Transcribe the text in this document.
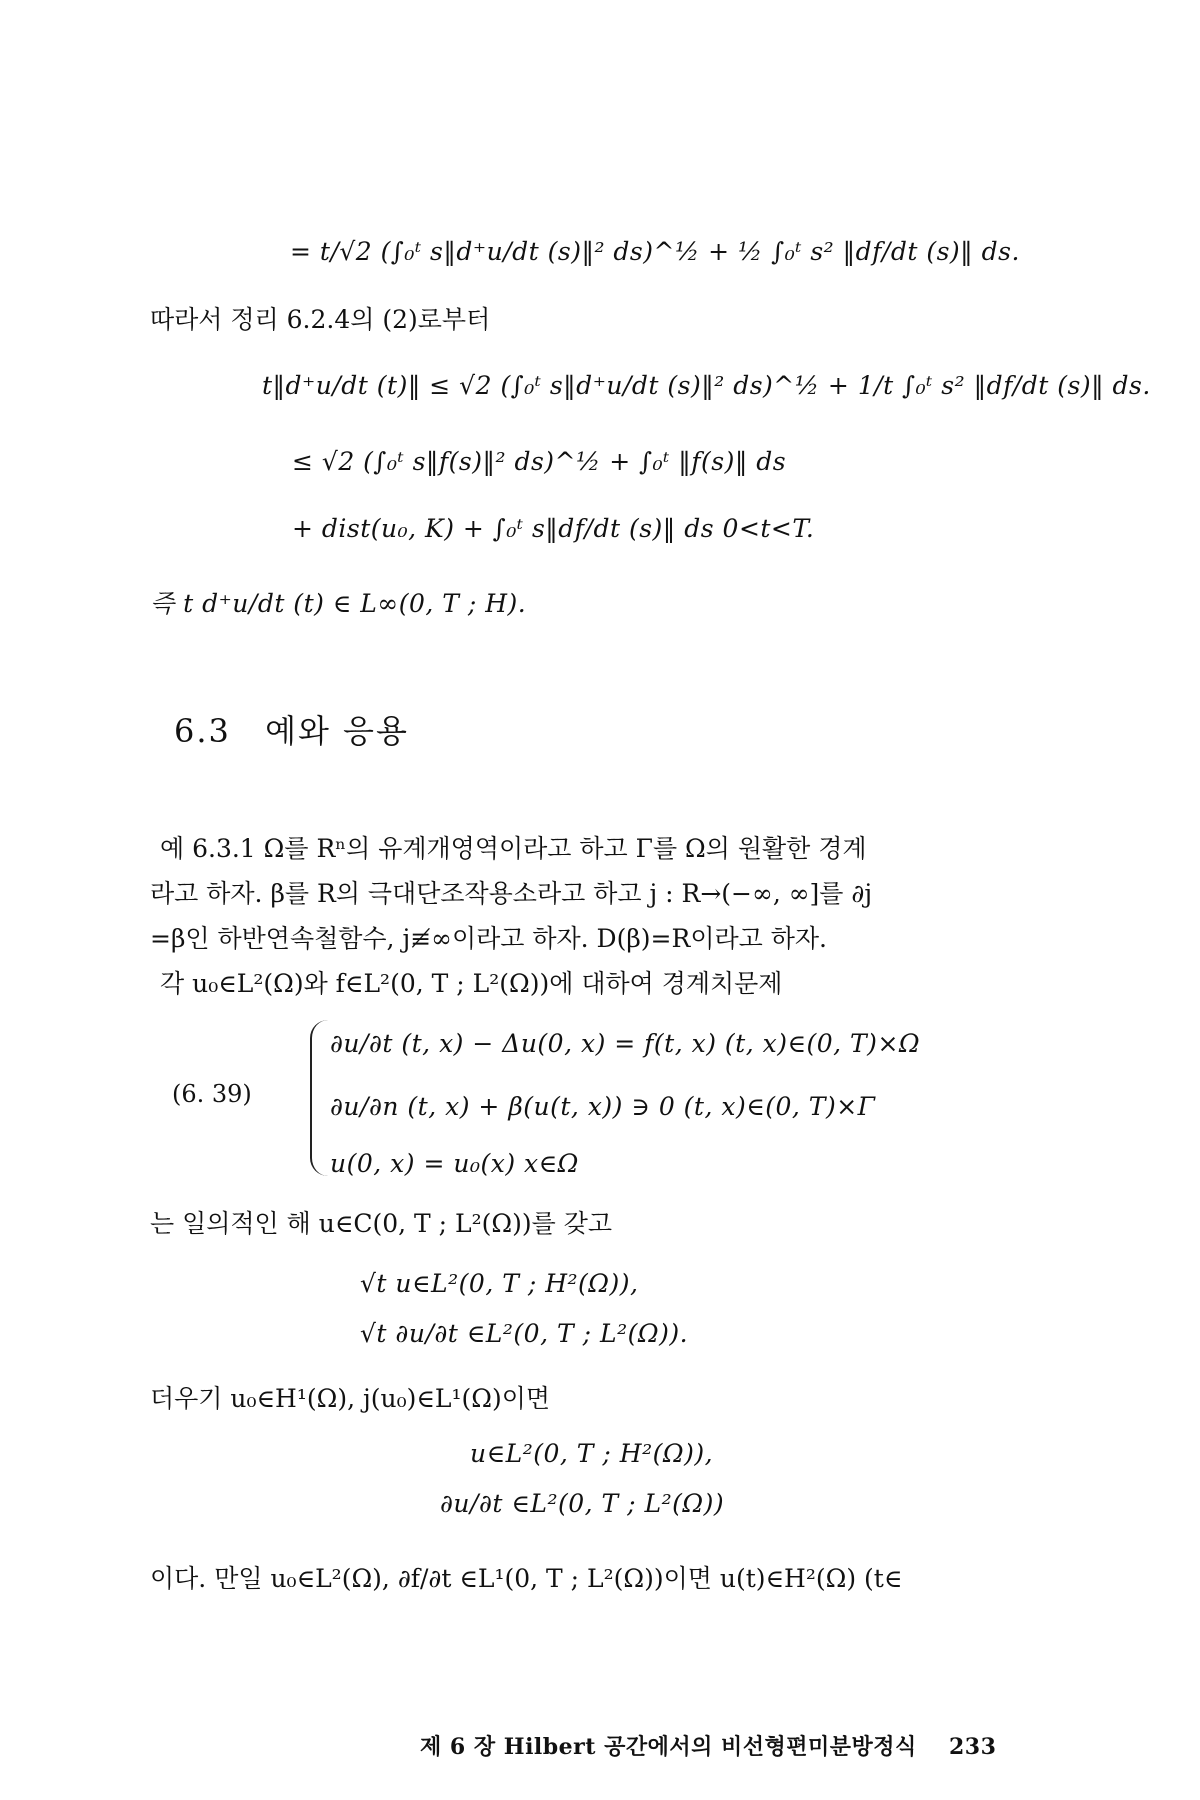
= t/√2 (∫₀ᵗ s‖d⁺u/dt (s)‖² ds)^½ + ½ ∫₀ᵗ s² ‖df/dt (s)‖ ds.
따라서 정리 6.2.4의 (2)로부터
t‖d⁺u/dt (t)‖ ≤ √2 (∫₀ᵗ s‖d⁺u/dt (s)‖² ds)^½ + 1/t ∫₀ᵗ s² ‖df/dt (s)‖ ds.
≤ √2 (∫₀ᵗ s‖f(s)‖² ds)^½ + ∫₀ᵗ ‖f(s)‖ ds
+ dist(u₀, K) + ∫₀ᵗ s‖df/dt (s)‖ ds 0<t<T.
즉 t d⁺u/dt (t) ∈ L∞(0, T ; H).
6.3 예와 응용
예 6.3.1 Ω를 Rⁿ의 유계개영역이라고 하고 Γ를 Ω의 원활한 경계
라고 하자. β를 R의 극대단조작용소라고 하고 j : R→(−∞, ∞]를 ∂j
=β인 하반연속철함수, j≢∞이라고 하자. D(β)=R이라고 하자.
각 u₀∈L²(Ω)와 f∈L²(0, T ; L²(Ω))에 대하여 경계치문제
(6. 39)
∂u/∂t (t, x) − Δu(0, x) = f(t, x) (t, x)∈(0, T)×Ω
∂u/∂n (t, x) + β(u(t, x)) ∋ 0 (t, x)∈(0, T)×Γ
u(0, x) = u₀(x) x∈Ω
는 일의적인 해 u∈C(0, T ; L²(Ω))를 갖고
√t u∈L²(0, T ; H²(Ω)),
√t ∂u/∂t ∈L²(0, T ; L²(Ω)).
더우기 u₀∈H¹(Ω), j(u₀)∈L¹(Ω)이면
u∈L²(0, T ; H²(Ω)),
∂u/∂t ∈L²(0, T ; L²(Ω))
이다. 만일 u₀∈L²(Ω), ∂f/∂t ∈L¹(0, T ; L²(Ω))이면 u(t)∈H²(Ω) (t∈
제 6 장 Hilbert 공간에서의 비선형편미분방정식 233
